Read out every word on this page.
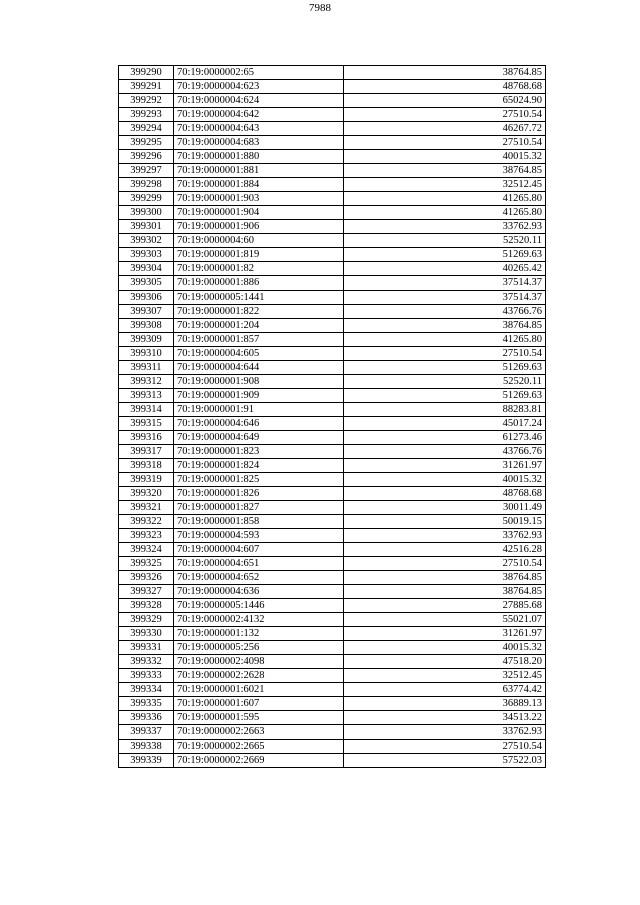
7988
399290	70:19:0000002:65	38764.85
399291	70:19:0000004:623	48768.68
399292	70:19:0000004:624	65024.90
399293	70:19:0000004:642	27510.54
399294	70:19:0000004:643	46267.72
399295	70:19:0000004:683	27510.54
399296	70:19:0000001:880	40015.32
399297	70:19:0000001:881	38764.85
399298	70:19:0000001:884	32512.45
399299	70:19:0000001:903	41265.80
399300	70:19:0000001:904	41265.80
399301	70:19:0000001:906	33762.93
399302	70:19:0000004:60	52520.11
399303	70:19:0000001:819	51269.63
399304	70:19:0000001:82	40265.42
399305	70:19:0000001:886	37514.37
399306	70:19:0000005:1441	37514.37
399307	70:19:0000001:822	43766.76
399308	70:19:0000001:204	38764.85
399309	70:19:0000001:857	41265.80
399310	70:19:0000004:605	27510.54
399311	70:19:0000004:644	51269.63
399312	70:19:0000001:908	52520.11
399313	70:19:0000001:909	51269.63
399314	70:19:0000001:91	88283.81
399315	70:19:0000004:646	45017.24
399316	70:19:0000004:649	61273.46
399317	70:19:0000001:823	43766.76
399318	70:19:0000001:824	31261.97
399319	70:19:0000001:825	40015.32
399320	70:19:0000001:826	48768.68
399321	70:19:0000001:827	30011.49
399322	70:19:0000001:858	50019.15
399323	70:19:0000004:593	33762.93
399324	70:19:0000004:607	42516.28
399325	70:19:0000004:651	27510.54
399326	70:19:0000004:652	38764.85
399327	70:19:0000004:636	38764.85
399328	70:19:0000005:1446	27885.68
399329	70:19:0000002:4132	55021.07
399330	70:19:0000001:132	31261.97
399331	70:19:0000005:256	40015.32
399332	70:19:0000002:4098	47518.20
399333	70:19:0000002:2628	32512.45
399334	70:19:0000001:6021	63774.42
399335	70:19:0000001:607	36889.13
399336	70:19:0000001:595	34513.22
399337	70:19:0000002:2663	33762.93
399338	70:19:0000002:2665	27510.54
399339	70:19:0000002:2669	57522.03
